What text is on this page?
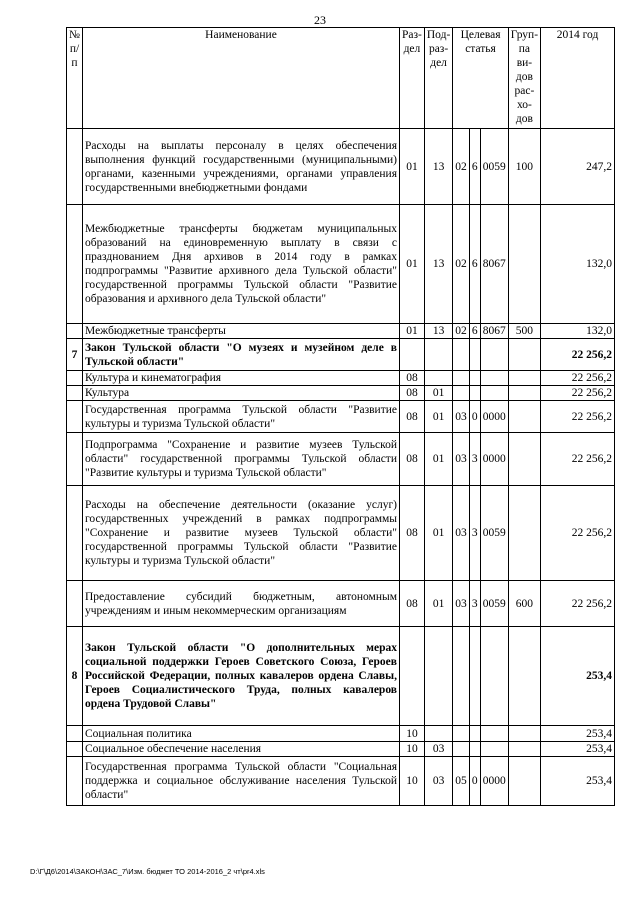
23
№ п/п	Наименование	Раз-дел	Под-раз-дел	Целевая статья			Груп-па ви-дов рас-хо-дов	2014 год
	Расходы на выплаты персоналу в целях обеспечения выполнения функций государственными (муниципальными) органами, казенными учреждениями, органами управления государственными внебюджетными фондами	01	13	02	6	0059	100	247,2
	Межбюджетные трансферты бюджетам муниципальных образований на единовременную выплату в связи с празднованием Дня архивов в 2014 году в рамках подпрограммы "Развитие архивного дела Тульской области" государственной программы Тульской области "Развитие образования и архивного дела Тульской области"	01	13	02	6	8067		132,0
	Межбюджетные трансферты	01	13	02	6	8067	500	132,0
7	Закон Тульской области "О музеях и музейном деле в Тульской области"							22 256,2
	Культура и кинематография	08						22 256,2
	Культура	08	01					22 256,2
	Государственная программа Тульской области "Развитие культуры и туризма Тульской области"	08	01	03	0	0000		22 256,2
	Подпрограмма "Сохранение и развитие музеев Тульской области" государственной программы Тульской области "Развитие культуры и туризма Тульской области"	08	01	03	3	0000		22 256,2
	Расходы на обеспечение деятельности (оказание услуг) государственных учреждений в рамках подпрограммы "Сохранение и развитие музеев Тульской области" государственной программы Тульской области "Развитие культуры и туризма Тульской области"	08	01	03	3	0059		22 256,2
	Предоставление субсидий бюджетным, автономным учреждениям и иным некоммерческим организациям	08	01	03	3	0059	600	22 256,2
8	Закон Тульской области "О дополнительных мерах социальной поддержки Героев Советского Союза, Героев Российской Федерации, полных кавалеров ордена Славы, Героев Социалистического Труда, полных кавалеров ордена Трудовой Славы"							253,4
	Социальная политика	10						253,4
	Социальное обеспечение населения	10	03					253,4
	Государственная программа Тульской области "Социальная поддержка и социальное обслуживание населения Тульской области"	10	03	05	0	0000		253,4
D:\Г\Д6\2014\ЗАКОН\ЗАС_7\Изм. бюджет ТО 2014-2016_2 чт\pr4.xls
